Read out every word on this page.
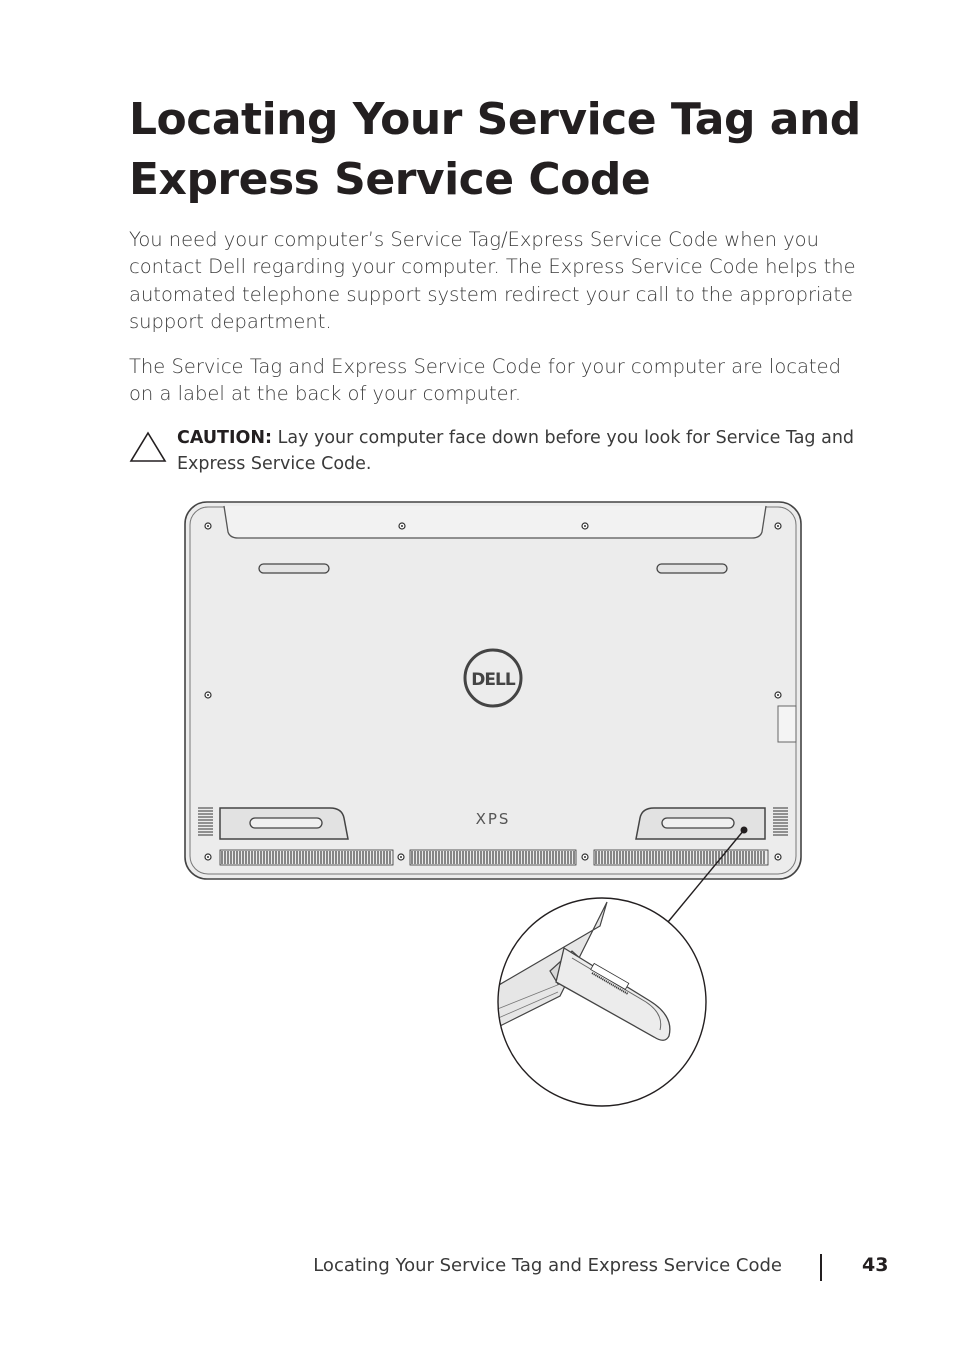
Locating Your Service Tag and Express Service Code

You need your computer’s Service Tag/Express Service Code when you contact Dell regarding your computer. The Express Service Code helps the automated telephone support system redirect your call to the appropriate support department.

The Service Tag and Express Service Code for your computer are located on a label at the back of your computer.

CAUTION: Lay your computer face down before you look for Service Tag and Express Service Code.
DELL
XPS
Locating Your Service Tag and Express Service Code	43
